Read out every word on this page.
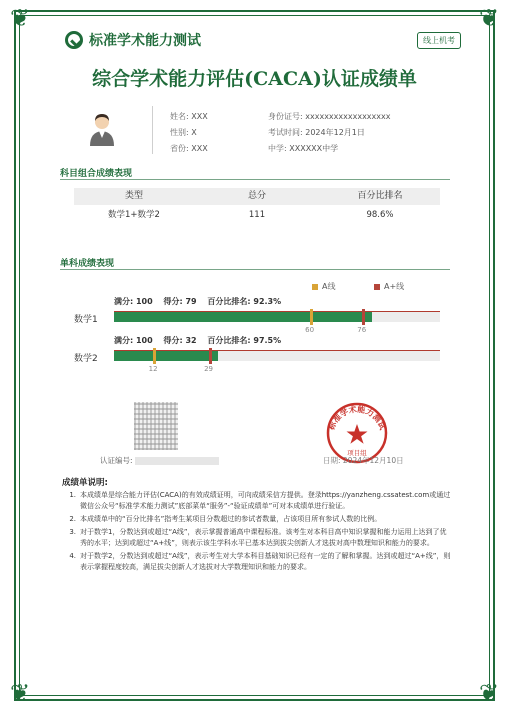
❦	❦
❦	❦
标准学术能力测试	线上机考
综合学术能力评估(CACA)认证成绩单
姓名: XXX
性别: X
省份: XXX
身份证号: xxxxxxxxxxxxxxxxxx
考试时间: 2024年12月1日
中学: XXXXXX中学
科目组合成绩表现
类型	总分	百分比排名
数学1+数学2	111	98.6%
单科成绩表现
A线	A+线
满分: 100 得分: 79 百分比排名: 92.3%
数学1
60	76
满分: 100 得分: 32 百分比排名: 97.5%
数学2
12	29
认证编号:
标准学术能力测试
项目组
日期: 2024年12月10日
成绩单说明:
1. 本成绩单是综合能力评估(CACA)的有效成绩证明，可向成绩采信方提供。登录https://yanzheng.cssatest.com或通过微信公众号“标准学术能力测试”底部菜单“服务”-“验证成绩单”可对本成绩单进行验证。
2. 本成绩单中的“百分比排名”指考生某项目分数超过的参试者数量，占该项目所有参试人数的比例。
3. 对于数学1，分数达到或超过“A线”，表示掌握普通高中课程标准。该考生对本科目高中知识掌握和能力运用上达到了优秀的水平；达到或超过“A+线”，则表示该生学科水平已基本达到拔尖创新人才选拔对高中数理知识和能力的要求。
4. 对于数学2，分数达到或超过“A线”，表示考生对大学本科目基础知识已经有一定的了解和掌握。达到或超过“A+线”，则表示掌握程度较高，满足拔尖创新人才选拔对大学数理知识和能力的要求。
